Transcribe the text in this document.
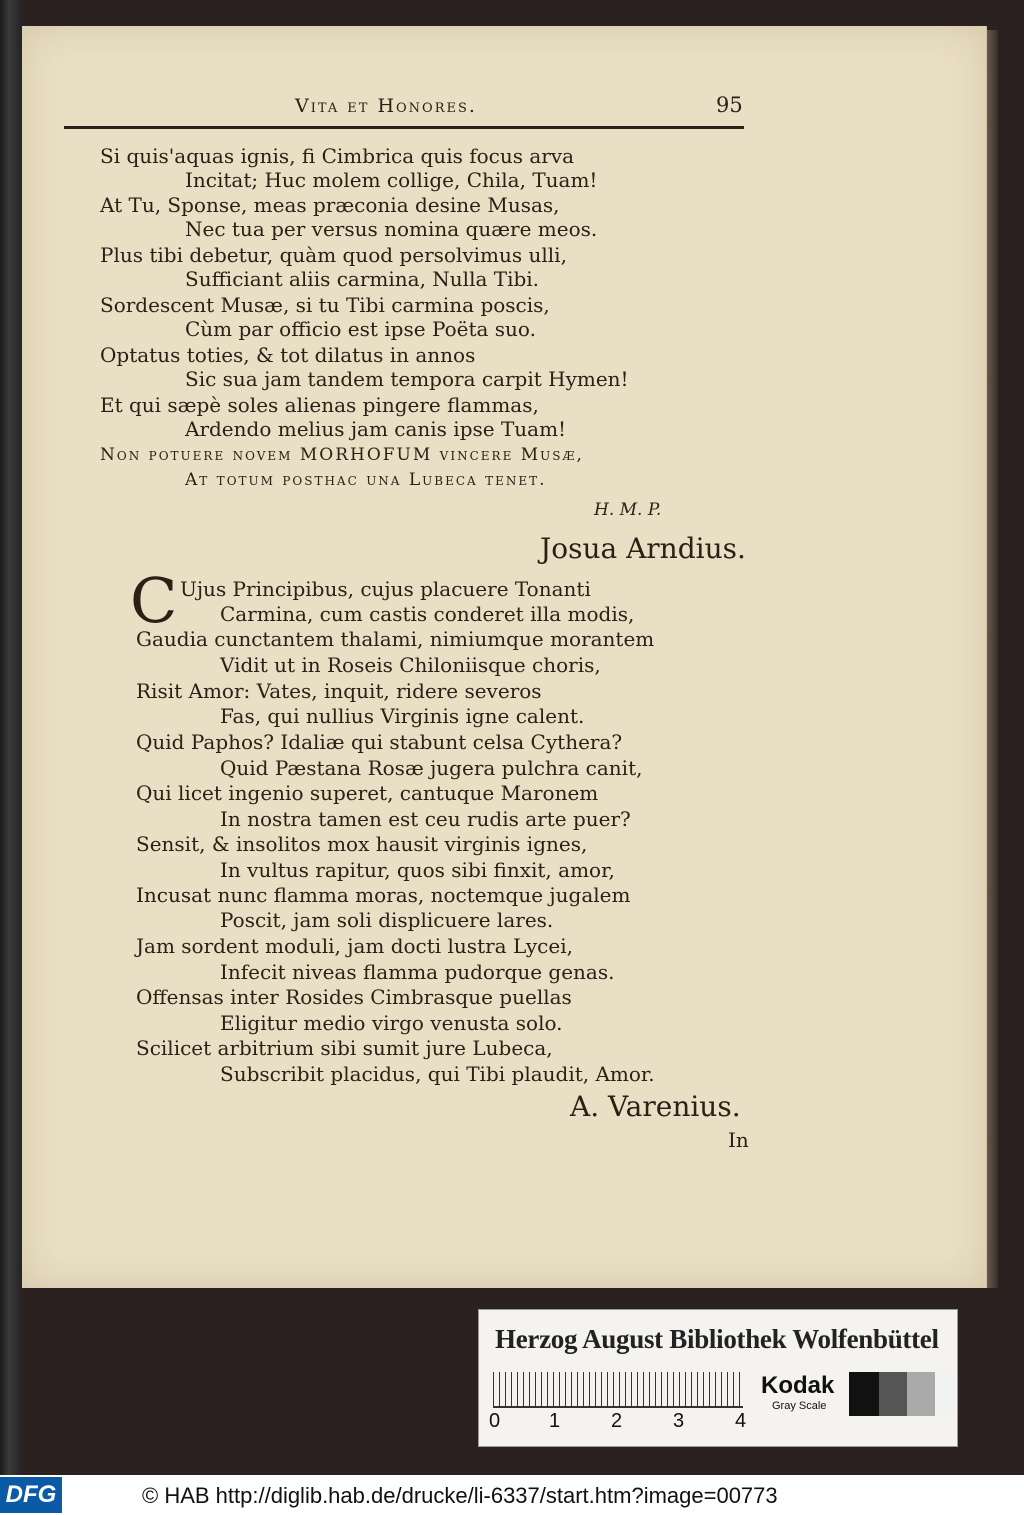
Vita et Honores.	95
Si quis'aquas ignis, fi Cimbrica quis focus arva
Incitat; Huc molem collige, Chila, Tuam!
At Tu, Sponse, meas præconia desine Musas,
Nec tua per versus nomina quære meos.
Plus tibi debetur, quàm quod persolvimus ulli,
Sufficiant aliis carmina, Nulla Tibi.
Sordescent Musæ, si tu Tibi carmina poscis,
Cùm par officio est ipse Poëta suo.
Optatus toties, & tot dilatus in annos
Sic sua jam tandem tempora carpit Hymen!
Et qui sæpè soles alienas pingere flammas,
Ardendo melius jam canis ipse Tuam!
Non potuere novem MORHOFUM vincere Musæ,
At totum posthac una Lubeca tenet.
H. M. P.
Josua Arndius.
C Ujus Principibus, cujus placuere Tonanti
Carmina, cum castis conderet illa modis,
Gaudia cunctantem thalami, nimiumque morantem
Vidit ut in Roseis Chiloniisque choris,
Risit Amor: Vates, inquit, ridere severos
Fas, qui nullius Virginis igne calent.
Quid Paphos? Idaliæ qui stabunt celsa Cythera?
Quid Pæstana Rosæ jugera pulchra canit,
Qui licet ingenio superet, cantuque Maronem
In nostra tamen est ceu rudis arte puer?
Sensit, & insolitos mox hausit virginis ignes,
In vultus rapitur, quos sibi finxit, amor,
Incusat nunc flamma moras, noctemque jugalem
Poscit, jam soli displicuere lares.
Jam sordent moduli, jam docti lustra Lycei,
Infecit niveas flamma pudorque genas.
Offensas inter Rosides Cimbrasque puellas
Eligitur medio virgo venusta solo.
Scilicet arbitrium sibi sumit jure Lubeca,
Subscribit placidus, qui Tibi plaudit, Amor.
A. Varenius.
In
Herzog August Bibliothek Wolfenbüttel
0 1	2	3	4
Kodak
Gray Scale
DFG	© HAB http://diglib.hab.de/drucke/li-6337/start.htm?image=00773
